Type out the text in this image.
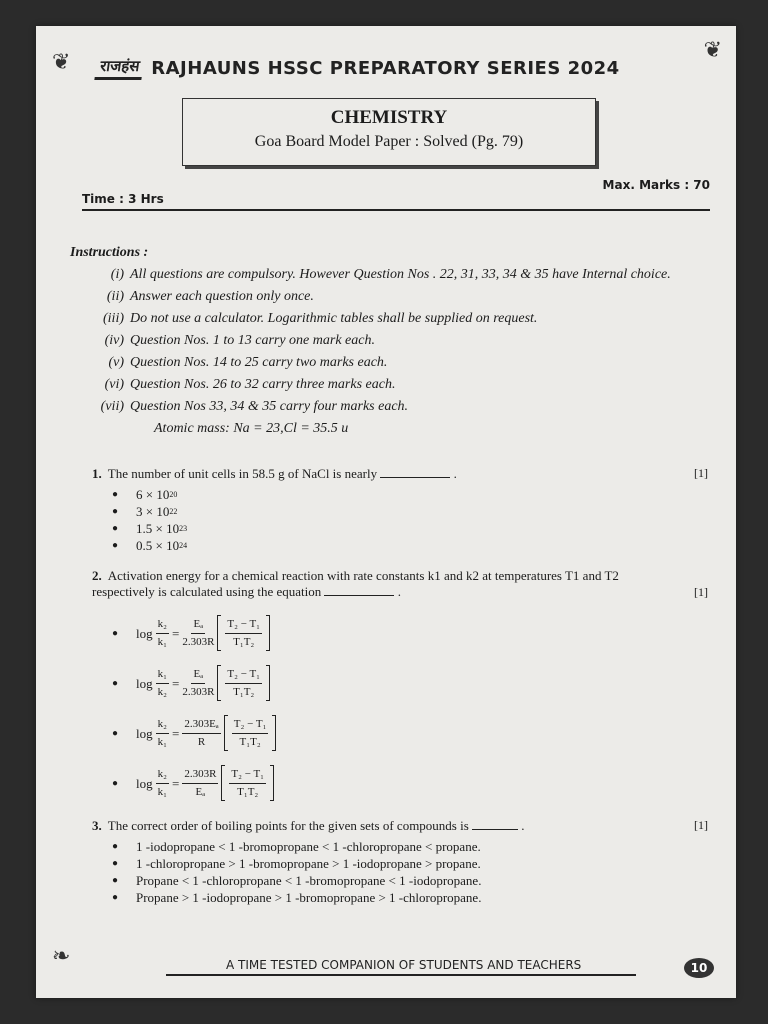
❦	❦
❧
राजहंस RAJHAUNS HSSC PREPARATORY SERIES 2024
CHEMISTRY
Goa Board Model Paper : Solved (Pg. 79)
Time : 3 Hrs
Max. Marks : 70
Instructions :
(i) All questions are compulsory. However Question Nos . 22, 31, 33, 34 & 35 have Internal choice.
(ii) Answer each question only once.
(iii) Do not use a calculator. Logarithmic tables shall be supplied on request.
(iv) Question Nos. 1 to 13 carry one mark each.
(v) Question Nos. 14 to 25 carry two marks each.
(vi) Question Nos. 26 to 32 carry three marks each.
(vii) Question Nos 33, 34 & 35 carry four marks each.
Atomic mass: Na = 23,Cl = 35.5 u
1. The number of unit cells in 58.5 g of NaCl is nearly	.	[1]
●	6 × 10 20
●	3 × 10 22
●	1.5 × 10 23
●	0.5 × 10 24
2. Activation energy for a chemical reaction with rate constants k1 and k2 at temperatures T1 and T2 respectively is calculated using the equation	.	[1]
●	$\log \frac{\text{k₂}}{\text{k₁}} = \frac{\text{Eₐ}}{2.303R} \frac{\text{T₂ − T₁}}{\text{T₁T₂}}$
●	$\log \frac{\text{k₁}}{\text{k₂}} = \frac{\text{Eₐ}}{2.303R} \frac{\text{T₂ − T₁}}{\text{T₁T₂}}$
●	$\log \frac{\text{k₂}}{\text{k₁}} = \frac{\text{2.303Eₐ}}{R} \frac{\text{T₂ − T₁}}{\text{T₁T₂}}$
●	$\log \frac{\text{k₂}}{\text{k₁}} = \frac{2.303R}{\text{Eₐ}} \frac{\text{T₂ − T₁}}{\text{T₁T₂}}$
3. The correct order of boiling points for the given sets of compounds is	.	[1]
●	1 -iodopropane < 1 -bromopropane < 1 -chloropropane < propane.
●	1 -chloropropane > 1 -bromopropane > 1 -iodopropane > propane.
●	Propane < 1 -chloropropane < 1 -bromopropane < 1 -iodopropane.
●	Propane > 1 -iodopropane > 1 -bromopropane > 1 -chloropropane.
A TIME TESTED COMPANION OF STUDENTS AND TEACHERS	10
